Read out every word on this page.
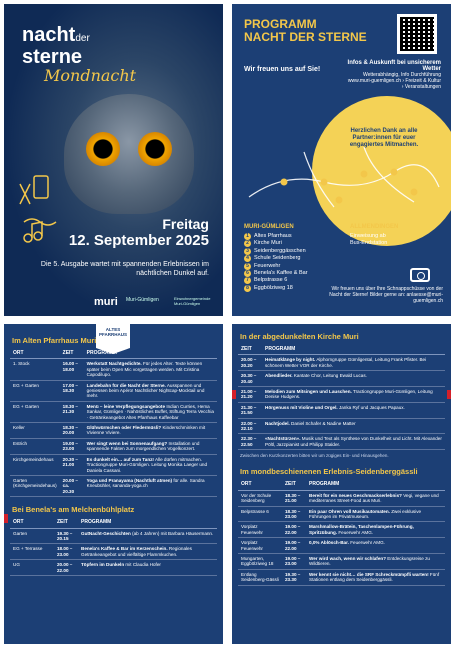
nachtder
sterne
Mondnacht
Freitag
12. September 2025
Die 5. Ausgabe wartet mit spannenden Erlebnissen im nächtlichen Dunkel auf.
muri Muri-Gümligen	Einwohnergemeinde Muri-Gümligen
PROGRAMM
NACHT DER STERNE
Infos & Auskunft bei unsicherem Wetter
Wetterabhängig, Info Durchführung www.muri-guemligen.ch › Freizeit & Kultur › Veranstaltungen
Wir freuen uns auf Sie!
Herzlichen Dank an alle Partner:innen für euer engagiertes Mitmachen.
MURI-GÜMLIGEN
1 Altes Pfarrhaus
2 Kirche Muri
3 Seidenberggässchen
4 Schule Seidenberg
5 Feuerwehr
6 Benela's Kaffee & Bar
7 Belpstrasse 6
8 Eggbölziweg 18
ALLMENDINGEN
Einweisung ab
Bus-Endstation
Wir freuen uns über Ihre Schnappschüsse von der Nacht der Sterne! Bilder gerne an: anlaesse@muri-guemligen.ch
ALTES PFARRHAUS
Im Alten Pfarrhaus Muri
ORT	ZEIT	PROGRAMM
1. Stock	16.00 –
18.00	Werkstatt Nachtgedichte. Für jedes Alter. Texte können später beim Open Mic vorgetragen werden. Mit Cristina Capodilupo.
EG + Garten	17.00 –
18.30	Landebahn für die Nacht der Sterne. Ausspannen und geniessen beim Apéro! Nachtlicher Nightcap-Mocktail und mehr.
EG + Garten	18.30 –
21.30	Menü – leine Verpflegungsangebote Indian Curries, Hema Sankar, Gümligen · Nahöstliches Buffet, Stiftung Terra Vecchia · Getränkeangebot Altes Pfarrhaus Kaffeebar
Keller	18.30 –
20.00	Glühwürmchen oder Fledermüsli? Kinderschminken mit Vivienne Viviere.
Estrich	19.00 –
23.00	Wer singt wenn bei Sonnenaufgang? Installation und spannende Fakten zum morgendlichen Vogelkonzert.
Kirchgemeindehaus	20.30 –
21.00	Es dunkelt ein… auf zum Tanz! Alle dürfen mitmachen. Tractiongruppe Muri-Gümligen. Leitung Monika Laeger und Daniela Cassani.
Garten (Kirchgemeindehaus)	20.00 –
ca. 20.30	Yoga und Pranayama (Nachtluft atmen) für alle. Sandra Kneubühler, sananda-yoga.ch
Bei Benela's am Melchenbühlplatz
ORT	ZEIT	PROGRAMM
Garten	19.30 –
20.15	GutNacht-Geschichten (ab 4 Jahren) mit Barbara Häusermann.
EG + Terrasse	18.00 –
23.00	Benela's Kaffee & Bar im Kerzenschein. Regionales Getränkeangebot und vielfältige Flammkuchen.
UG	20.00 –
22.00	Töpfern im Dunkeln mit Claudia Hofer
In der abgedunkelten Kirche Muri
ZEIT	PROGRAMM
20.00 –
20.20	Heimatklänge by night. Alphorngruppe Gümligental, Leitung Frank Pfister. Bei schönem Wetter VOR der Kirche.
20.30 –
20.40	Abendlieder. Kantate Chor, Leitung Ewald Lucas.
21.00 –
21.20	Melodien zum Mitsingen und Lauschen. Tractiongruppe Muri-Gümligen, Leitung Denise Hudgens.
21.30 –
21.50	Hörgenuss mit Violine und Orgel. Janka Ryf und Jacques Papaux.
22.00 –
22.10	Nachtjodel. Daniel Schafer & Nadine Matter
22.30 –
22.50	«Nachtstürzen». Musik und Text als Synthese von Dunkelheit und Licht. Mit Alexander Pöltl, Jazzpianist und Philipp Stalder.
Zwischen den Kurzkonzerten bitten wir um zügiges Ein- und Hinausgehen.
Im mondbeschienenen Erlebnis-Seidenberggässli
ORT	ZEIT	PROGRAMM
Vor der Schule Seidenberg	18.30 –
21.00	Bereit für ein neues Geschmackserlebnis? Vegi, vegane und mediterranes Street-Food aus Muri.
Belpstrasse 6	18.30 –
23.00	Ein paar Ohren voll Musikautomaten. Zwei exklusive Führungen im Privatmuseum.
Vorplatz Feuerwehr	19.00 –
22.00	Marshmallow-Brätein, Taschenlampen-Führung, Spritzübung. Feuerwehr AMG.
Vorplatz Feuerwehr	19.00 –
22.00	0,0% Ablösch-Bar. Feuerwehr AMG.
Mungarten, Eggbölziweg 18	19.00 –
23.00	Wer wird wach, wenn wir schlafen? Entdeckungsreise zu Wildtieren.
Entlang Seidenberg-Gässli	19.30 –
23.30	Wer kennt sie nicht… die SRF Schreckmümpfli warten! Fünf Stationen entlang dem Seidenberggässli.
